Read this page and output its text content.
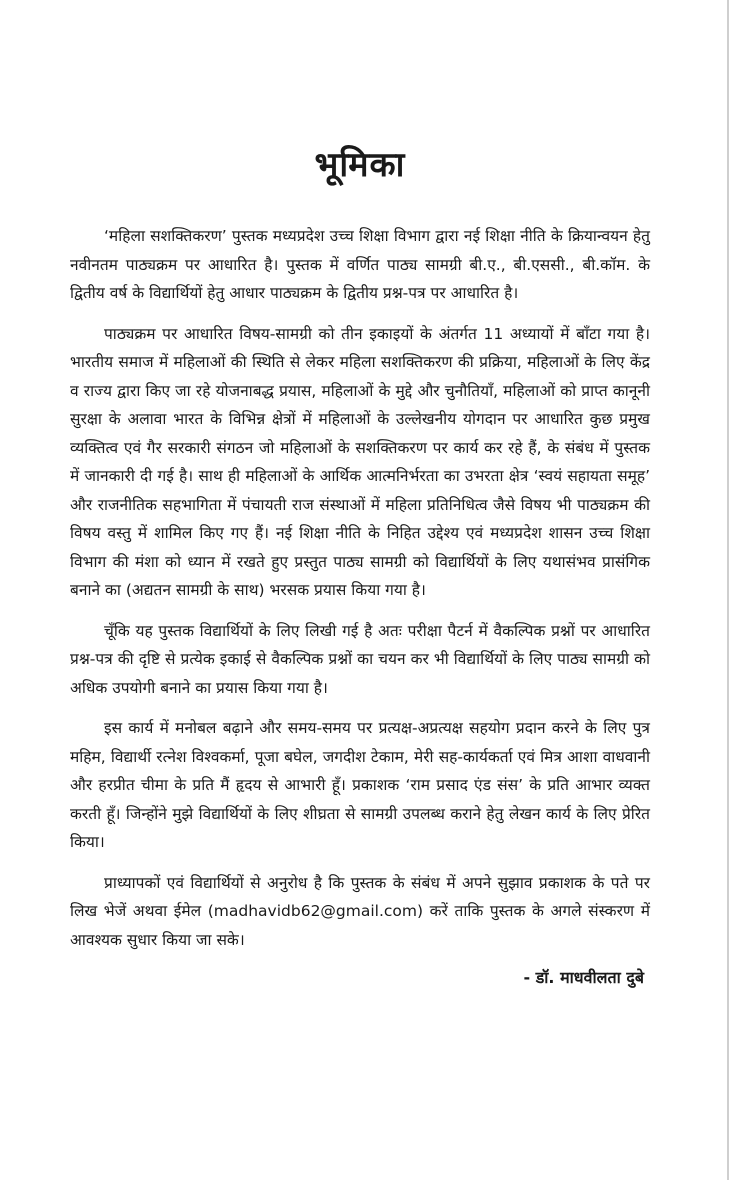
भूमिका

‘महिला सशक्तिकरण’ पुस्तक मध्यप्रदेश उच्च शिक्षा विभाग द्वारा नई शिक्षा नीति के क्रियान्वयन हेतु नवीनतम पाठ्यक्रम पर आधारित है। पुस्तक में वर्णित पाठ्य सामग्री बी.ए., बी.एससी., बी.कॉम. के द्वितीय वर्ष के विद्यार्थियों हेतु आधार पाठ्यक्रम के द्वितीय प्रश्न-पत्र पर आधारित है।

पाठ्यक्रम पर आधारित विषय-सामग्री को तीन इकाइयों के अंतर्गत 11 अध्यायों में बाँटा गया है। भारतीय समाज में महिलाओं की स्थिति से लेकर महिला सशक्तिकरण की प्रक्रिया, महिलाओं के लिए केंद्र व राज्य द्वारा किए जा रहे योजनाबद्ध प्रयास, महिलाओं के मुद्दे और चुनौतियाँ, महिलाओं को प्राप्त कानूनी सुरक्षा के अलावा भारत के विभिन्न क्षेत्रों में महिलाओं के उल्लेखनीय योगदान पर आधारित कुछ प्रमुख व्यक्तित्व एवं गैर सरकारी संगठन जो महिलाओं के सशक्तिकरण पर कार्य कर रहे हैं, के संबंध में पुस्तक में जानकारी दी गई है। साथ ही महिलाओं के आर्थिक आत्मनिर्भरता का उभरता क्षेत्र ‘स्वयं सहायता समूह’ और राजनीतिक सहभागिता में पंचायती राज संस्थाओं में महिला प्रतिनिधित्व जैसे विषय भी पाठ्यक्रम की विषय वस्तु में शामिल किए गए हैं। नई शिक्षा नीति के निहित उद्देश्य एवं मध्यप्रदेश शासन उच्च शिक्षा विभाग की मंशा को ध्यान में रखते हुए प्रस्तुत पाठ्य सामग्री को विद्यार्थियों के लिए यथासंभव प्रासंगिक बनाने का (अद्यतन सामग्री के साथ) भरसक प्रयास किया गया है।

चूँकि यह पुस्तक विद्यार्थियों के लिए लिखी गई है अतः परीक्षा पैटर्न में वैकल्पिक प्रश्नों पर आधारित प्रश्न-पत्र की दृष्टि से प्रत्येक इकाई से वैकल्पिक प्रश्नों का चयन कर भी विद्यार्थियों के लिए पाठ्य सामग्री को अधिक उपयोगी बनाने का प्रयास किया गया है।

इस कार्य में मनोबल बढ़ाने और समय-समय पर प्रत्यक्ष-अप्रत्यक्ष सहयोग प्रदान करने के लिए पुत्र महिम, विद्यार्थी रत्नेश विश्वकर्मा, पूजा बघेल, जगदीश टेकाम, मेरी सह-कार्यकर्ता एवं मित्र आशा वाधवानी और हरप्रीत चीमा के प्रति मैं हृदय से आभारी हूँ। प्रकाशक ‘राम प्रसाद एंड संस’ के प्रति आभार व्यक्त करती हूँ। जिन्होंने मुझे विद्यार्थियों के लिए शीघ्रता से सामग्री उपलब्ध कराने हेतु लेखन कार्य के लिए प्रेरित किया।

प्राध्यापकों एवं विद्यार्थियों से अनुरोध है कि पुस्तक के संबंध में अपने सुझाव प्रकाशक के पते पर लिख भेजें अथवा ईमेल (madhavidb62@gmail.com) करें ताकि पुस्तक के अगले संस्करण में आवश्यक सुधार किया जा सके।

- डॉ. माधवीलता दुबे
